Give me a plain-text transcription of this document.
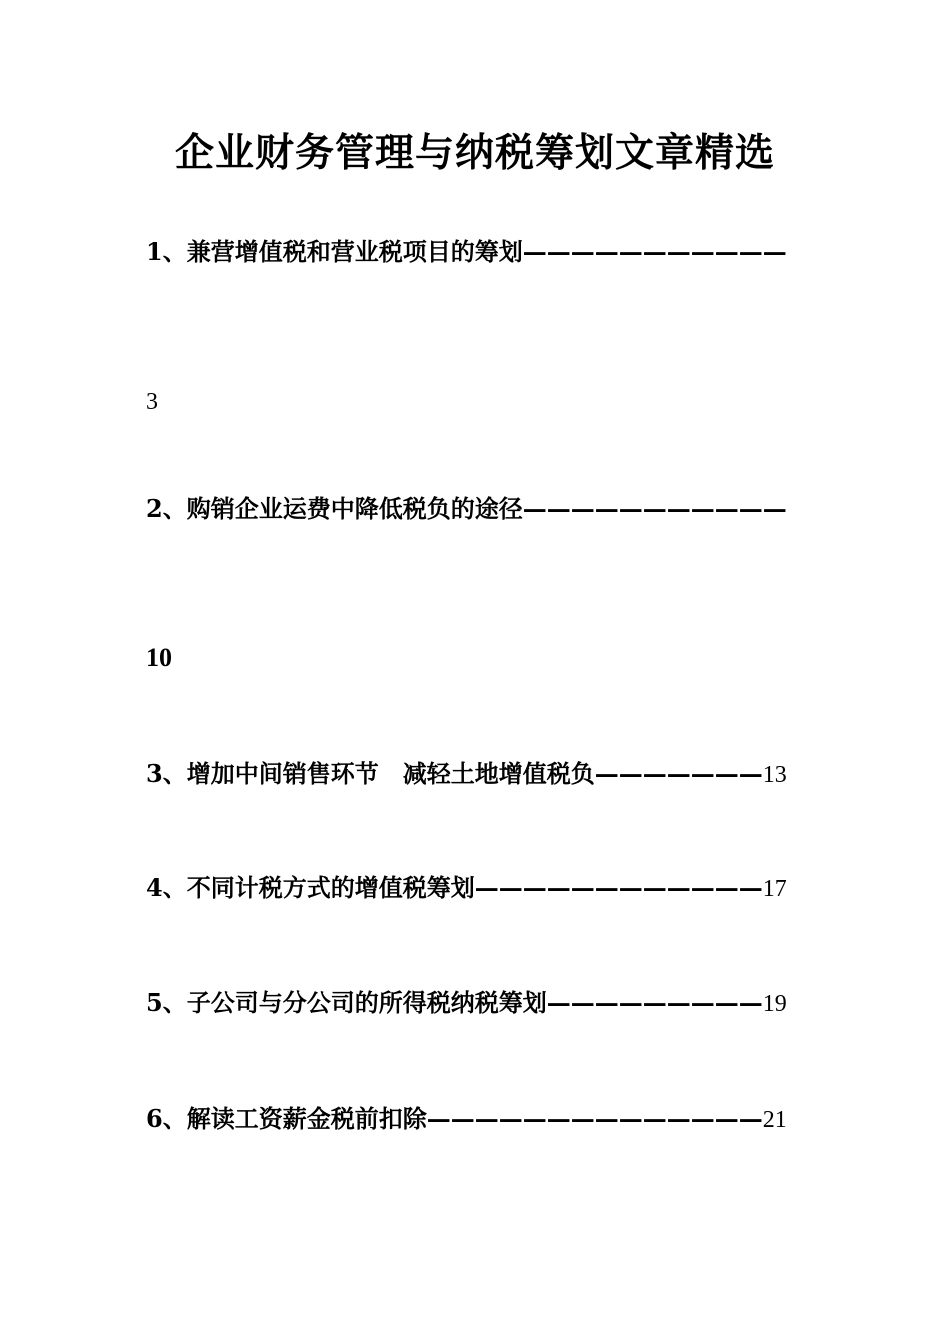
企业财务管理与纳税筹划文章精选
1、兼营增值税和营业税项目的筹划———————————
3
2、购销企业运费中降低税负的途径———————————
10
3、增加中间销售环节　减轻土地增值税负———————13
4、不同计税方式的增值税筹划————————————17
5、子公司与分公司的所得税纳税筹划—————————19
6、解读工资薪金税前扣除——————————————21
